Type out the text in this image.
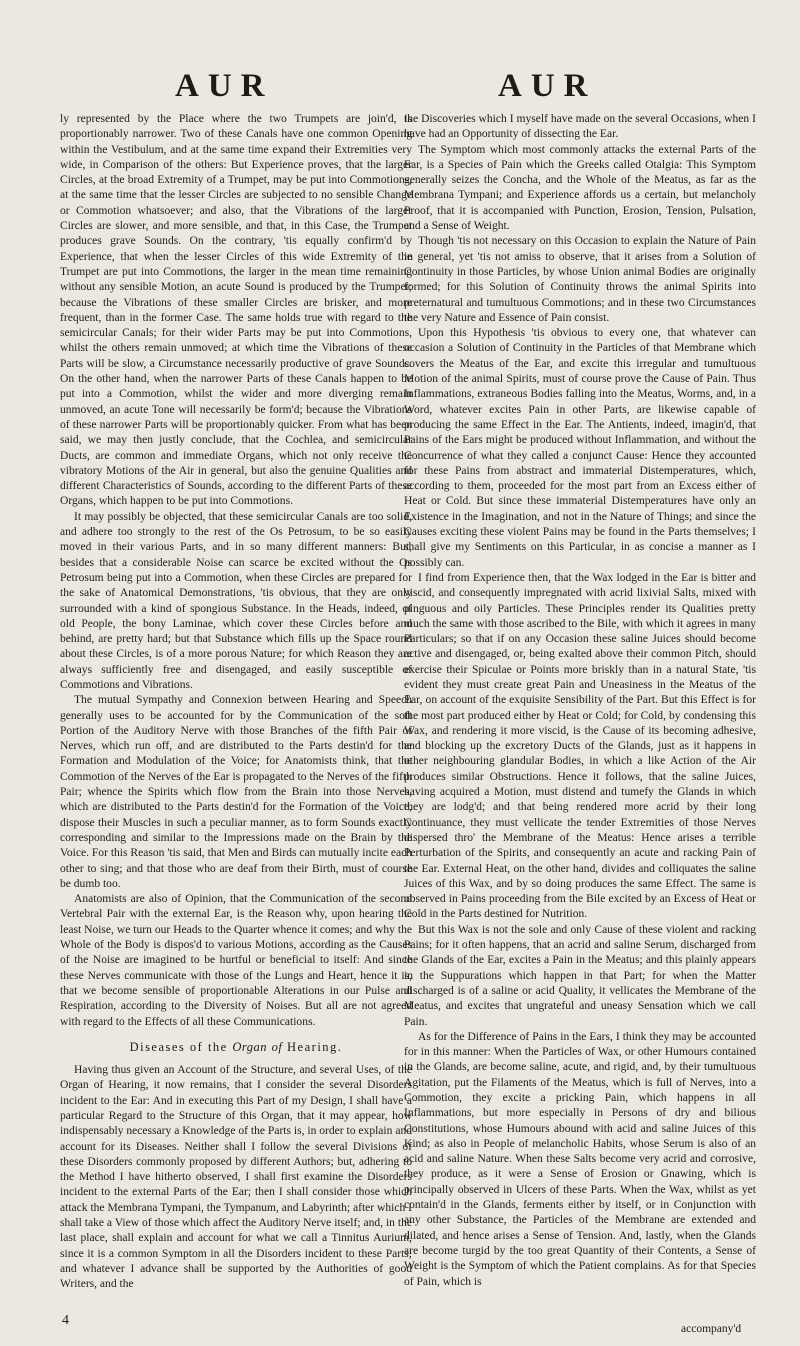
AUR	AUR

ly represented by the Place where the two Trumpets are join'd, is proportionably narrower. Two of these Canals have one common Opening within the Vestibulum, and at the same time expand their Extremities very wide, in Comparison of the others: But Experience proves, that the larger Circles, at the broad Extremity of a Trumpet, may be put into Commotions, at the same time that the lesser Circles are subjected to no sensible Change or Commotion whatsoever; and also, that the Vibrations of the larger Circles are slower, and more sensible, and that, in this Case, the Trumpet produces grave Sounds. On the contrary, 'tis equally confirm'd by Experience, that when the lesser Circles of this wide Extremity of the Trumpet are put into Commotions, the larger in the mean time remaining without any sensible Motion, an acute Sound is produced by the Trumpet; because the Vibrations of these smaller Circles are brisker, and more frequent, than in the former Case. The same holds true with regard to the semicircular Canals; for their wider Parts may be put into Commotions, whilst the others remain unmoved; at which time the Vibrations of these Parts will be slow, a Circumstance necessarily productive of grave Sounds. On the other hand, when the narrower Parts of these Canals happen to be put into a Commotion, whilst the wider and more diverging remain unmoved, an acute Tone will necessarily be form'd; because the Vibrations of these narrower Parts will be proportionably quicker. From what has been said, we may then justly conclude, that the Cochlea, and semicircular Ducts, are common and immediate Organs, which not only receive the vibratory Motions of the Air in general, but also the genuine Qualities and different Characteristics of Sounds, according to the different Parts of these Organs, which happen to be put into Commotions.

It may possibly be objected, that these semicircular Canals are too solid, and adhere too strongly to the rest of the Os Petrosum, to be so easily moved in their various Parts, and in so many different manners: But, besides that a considerable Noise can scarce be excited without the Os Petrosum being put into a Commotion, when these Circles are prepared for the sake of Anatomical Demonstrations, 'tis obvious, that they are only surrounded with a kind of spongious Substance. In the Heads, indeed, of old People, the bony Laminae, which cover these Circles before and behind, are pretty hard; but that Substance which fills up the Space round about these Circles, is of a more porous Nature; for which Reason they are always sufficiently free and disengaged, and easily susceptible of Commotions and Vibrations.

The mutual Sympathy and Connexion between Hearing and Speech generally uses to be accounted for by the Communication of the soft Portion of the Auditory Nerve with those Branches of the fifth Pair of Nerves, which run off, and are distributed to the Parts destin'd for the Formation and Modulation of the Voice; for Anatomists think, that the Commotion of the Nerves of the Ear is propagated to the Nerves of the fifth Pair; whence the Spirits which flow from the Brain into those Nerves, which are distributed to the Parts destin'd for the Formation of the Voice, dispose their Muscles in such a peculiar manner, as to form Sounds exactly corresponding and similar to the Impressions made on the Brain by the Voice. For this Reason 'tis said, that Men and Birds can mutually incite each other to sing; and that those who are deaf from their Birth, must of course be dumb too.

Anatomists are also of Opinion, that the Communication of the second Vertebral Pair with the external Ear, is the Reason why, upon hearing the least Noise, we turn our Heads to the Quarter whence it comes; and why the Whole of the Body is dispos'd to various Motions, according as the Causes of the Noise are imagined to be hurtful or beneficial to itself: And since these Nerves communicate with those of the Lungs and Heart, hence it is, that we become sensible of proportionable Alterations in our Pulse and Respiration, according to the Diversity of Noises. But all are not agreed with regard to the Effects of all these Communications.

Diseases of the Organ of Hearing.

Having thus given an Account of the Structure, and several Uses, of the Organ of Hearing, it now remains, that I consider the several Disorders incident to the Ear: And in executing this Part of my Design, I shall have a particular Regard to the Structure of this Organ, that it may appear, how indispensably necessary a Knowledge of the Parts is, in order to explain and account for its Diseases. Neither shall I follow the several Divisions of these Disorders commonly proposed by different Authors; but, adhering to the Method I have hitherto observed, I shall first examine the Disorders incident to the external Parts of the Ear; then I shall consider those which attack the Membrana Tympani, the Tympanum, and Labyrinth; after which I shall take a View of those which affect the Auditory Nerve itself; and, in the last place, shall explain and account for what we call a Tinnitus Aurium, since it is a common Symptom in all the Disorders incident to these Parts; and whatever I advance shall be supported by the Authorities of good Writers, and the

the Discoveries which I myself have made on the several Occasions, when I have had an Opportunity of dissecting the Ear.

The Symptom which most commonly attacks the external Parts of the Ear, is a Species of Pain which the Greeks called Otalgia: This Symptom generally seizes the Concha, and the Whole of the Meatus, as far as the Membrana Tympani; and Experience affords us a certain, but melancholy Proof, that it is accompanied with Punction, Erosion, Tension, Pulsation, and a Sense of Weight.

Though 'tis not necessary on this Occasion to explain the Nature of Pain in general, yet 'tis not amiss to observe, that it arises from a Solution of Continuity in those Particles, by whose Union animal Bodies are originally formed; for this Solution of Continuity throws the animal Spirits into preternatural and tumultuous Commotions; and in these two Circumstances the very Nature and Essence of Pain consist.

Upon this Hypothesis 'tis obvious to every one, that whatever can occasion a Solution of Continuity in the Particles of that Membrane which covers the Meatus of the Ear, and excite this irregular and tumultuous Motion of the animal Spirits, must of course prove the Cause of Pain. Thus Inflammations, extraneous Bodies falling into the Meatus, Worms, and, in a Word, whatever excites Pain in other Parts, are likewise capable of producing the same Effect in the Ear. The Antients, indeed, imagin'd, that Pains of the Ears might be produced without Inflammation, and without the Concurrence of what they called a conjunct Cause: Hence they accounted for these Pains from abstract and immaterial Distemperatures, which, according to them, proceeded for the most part from an Excess either of Heat or Cold. But since these immaterial Distemperatures have only an Existence in the Imagination, and not in the Nature of Things; and since the Causes exciting these violent Pains may be found in the Parts themselves; I shall give my Sentiments on this Particular, in as concise a manner as I possibly can.

I find from Experience then, that the Wax lodged in the Ear is bitter and viscid, and consequently impregnated with acrid lixivial Salts, mixed with pinguous and oily Particles. These Principles render its Qualities pretty much the same with those ascribed to the Bile, with which it agrees in many Particulars; so that if on any Occasion these saline Juices should become active and disengaged, or, being exalted above their common Pitch, should exercise their Spiculae or Points more briskly than in a natural State, 'tis evident they must create great Pain and Uneasiness in the Meatus of the Ear, on account of the exquisite Sensibility of the Part. But this Effect is for the most part produced either by Heat or Cold; for Cold, by condensing this Wax, and rendering it more viscid, is the Cause of its becoming adhesive, and blocking up the excretory Ducts of the Glands, just as it happens in other neighbouring glandular Bodies, in which a like Action of the Air produces similar Obstructions. Hence it follows, that the saline Juices, having acquired a Motion, must distend and tumefy the Glands in which they are lodg'd; and that being rendered more acrid by their long Continuance, they must vellicate the tender Extremities of those Nerves dispersed thro' the Membrane of the Meatus: Hence arises a terrible Perturbation of the Spirits, and consequently an acute and racking Pain of the Ear. External Heat, on the other hand, divides and colliquates the saline Juices of this Wax, and by so doing produces the same Effect. The same is observed in Pains proceeding from the Bile excited by an Excess of Heat or Cold in the Parts destined for Nutrition.

But this Wax is not the sole and only Cause of these violent and racking Pains; for it often happens, that an acrid and saline Serum, discharged from the Glands of the Ear, excites a Pain in the Meatus; and this plainly appears in the Suppurations which happen in that Part; for when the Matter discharged is of a saline or acid Quality, it vellicates the Membrane of the Meatus, and excites that ungrateful and uneasy Sensation which we call Pain.

As for the Difference of Pains in the Ears, I think they may be accounted for in this manner: When the Particles of Wax, or other Humours contained in the Glands, are become saline, acute, and rigid, and, by their tumultuous Agitation, put the Filaments of the Meatus, which is full of Nerves, into a Commotion, they excite a pricking Pain, which happens in all Inflammations, but more especially in Persons of dry and bilious Constitutions, whose Humours abound with acid and saline Juices of this Kind; as also in People of melancholic Habits, whose Serum is also of an acid and saline Nature. When these Salts become very acrid and corrosive, they produce, as it were a Sense of Erosion or Gnawing, which is principally observed in Ulcers of these Parts. When the Wax, whilst as yet contain'd in the Glands, ferments either by itself, or in Conjunction with any other Substance, the Particles of the Membrane are extended and dilated, and hence arises a Sense of Tension. And, lastly, when the Glands are become turgid by the too great Quantity of their Contents, a Sense of Weight is the Symptom of which the Patient complains. As for that Species of Pain, which is

4
accompany'd
